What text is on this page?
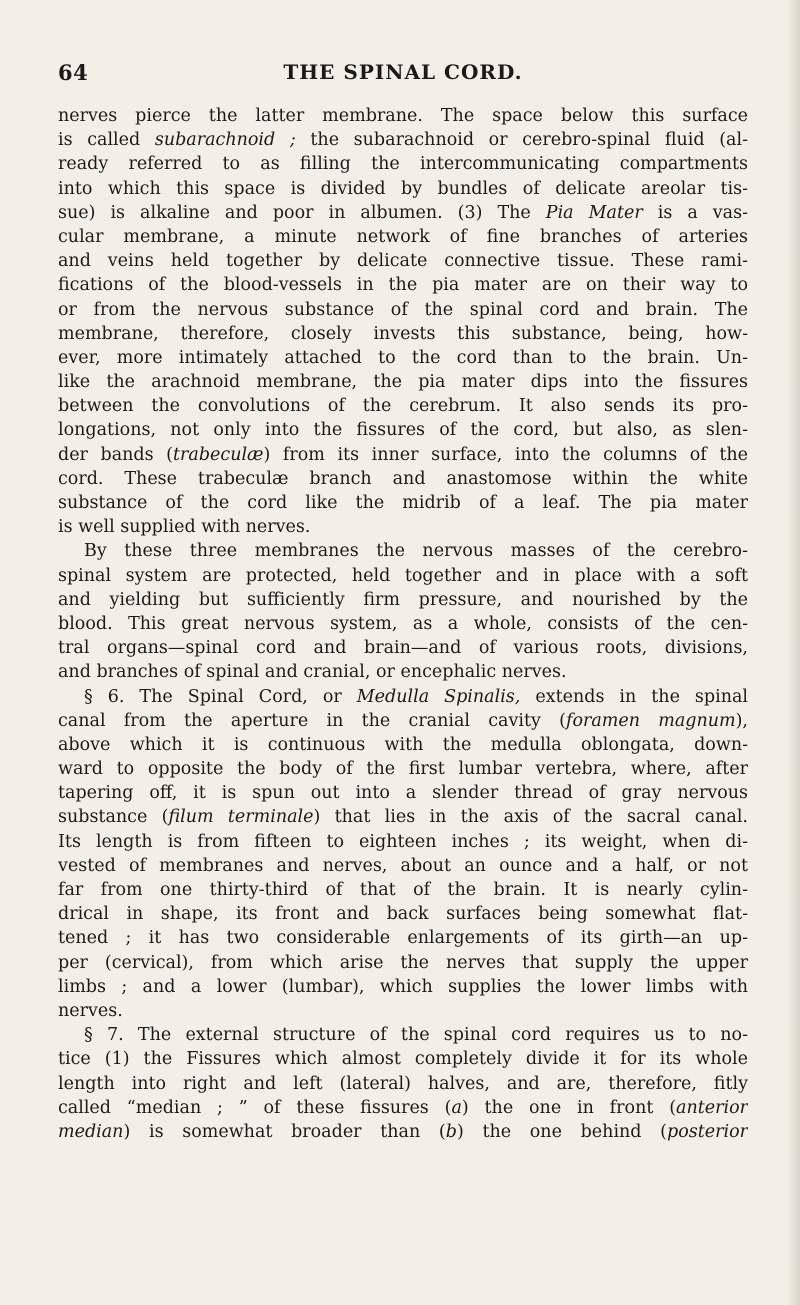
64	THE SPINAL CORD.
nerves pierce the latter membrane. The space below this surface
is called subarachnoid ; the subarachnoid or cerebro-spinal fluid (al-
ready referred to as filling the intercommunicating compartments
into which this space is divided by bundles of delicate areolar tis-
sue) is alkaline and poor in albumen. (3) The Pia Mater is a vas-
cular membrane, a minute network of fine branches of arteries
and veins held together by delicate connective tissue. These rami-
fications of the blood-vessels in the pia mater are on their way to
or from the nervous substance of the spinal cord and brain. The
membrane, therefore, closely invests this substance, being, how-
ever, more intimately attached to the cord than to the brain. Un-
like the arachnoid membrane, the pia mater dips into the fissures
between the convolutions of the cerebrum. It also sends its pro-
longations, not only into the fissures of the cord, but also, as slen-
der bands (trabeculæ) from its inner surface, into the columns of the
cord. These trabeculæ branch and anastomose within the white
substance of the cord like the midrib of a leaf. The pia mater
is well supplied with nerves.
By these three membranes the nervous masses of the cerebro-
spinal system are protected, held together and in place with a soft
and yielding but sufficiently firm pressure, and nourished by the
blood. This great nervous system, as a whole, consists of the cen-
tral organs—spinal cord and brain—and of various roots, divisions,
and branches of spinal and cranial, or encephalic nerves.
§ 6. The Spinal Cord, or Medulla Spinalis, extends in the spinal
canal from the aperture in the cranial cavity (foramen magnum),
above which it is continuous with the medulla oblongata, down-
ward to opposite the body of the first lumbar vertebra, where, after
tapering off, it is spun out into a slender thread of gray nervous
substance (filum terminale) that lies in the axis of the sacral canal.
Its length is from fifteen to eighteen inches ; its weight, when di-
vested of membranes and nerves, about an ounce and a half, or not
far from one thirty-third of that of the brain. It is nearly cylin-
drical in shape, its front and back surfaces being somewhat flat-
tened ; it has two considerable enlargements of its girth—an up-
per (cervical), from which arise the nerves that supply the upper
limbs ; and a lower (lumbar), which supplies the lower limbs with
nerves.
§ 7. The external structure of the spinal cord requires us to no-
tice (1) the Fissures which almost completely divide it for its whole
length into right and left (lateral) halves, and are, therefore, fitly
called “median ; ” of these fissures (a) the one in front (anterior
median) is somewhat broader than (b) the one behind (posterior
